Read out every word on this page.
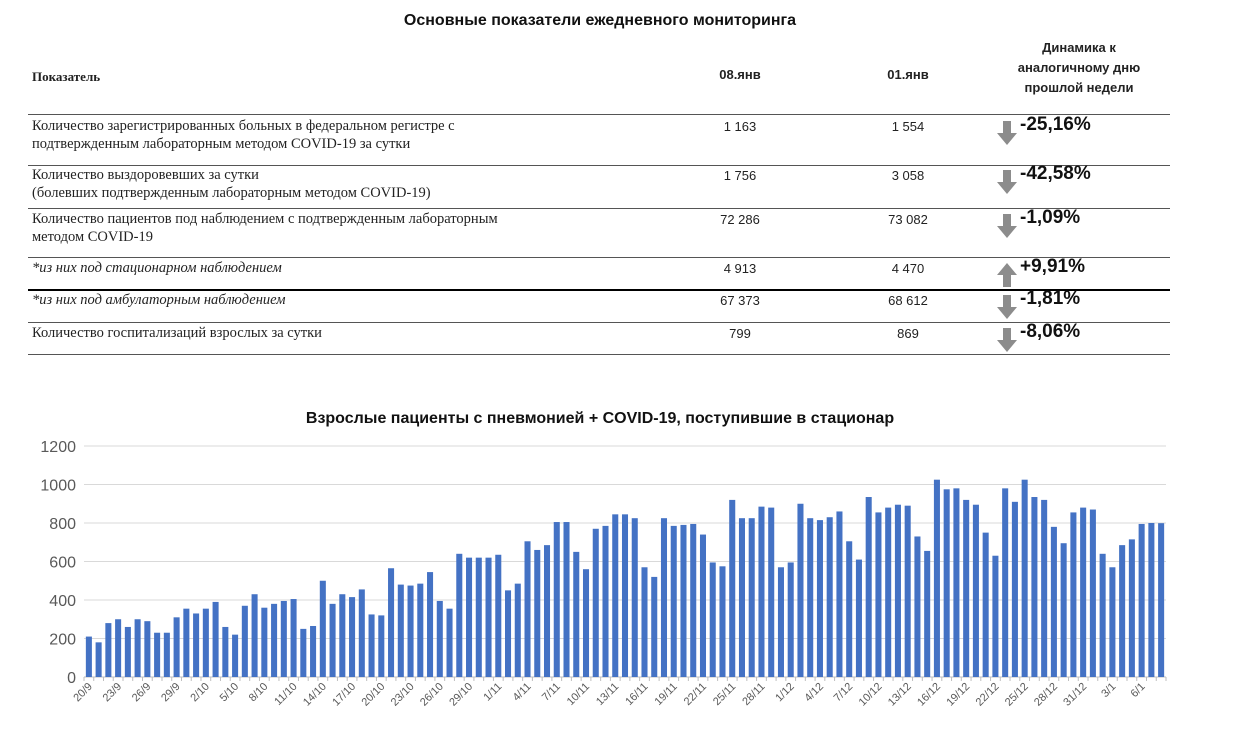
Основные показатели ежедневного мониторинга
Показатель	08.янв	01.янв
Динамика к
аналогичному дню
прошлой недели
Количество зарегистрированных больных в федеральном регистре с
подтвержденным лабораторным методом COVID-19 за сутки
1 163	1 554	-25,16%
Количество выздоровевших за сутки
(болевших подтвержденным лабораторным методом COVID-19)
1 756	3 058	-42,58%
Количество пациентов под наблюдением с подтвержденным лабораторным
методом COVID-19
72 286	73 082	-1,09%
*из них под стационарном наблюдением	4 913	4 470	+9,91%
*из них под амбулаторным наблюдением	67 373	68 612	-1,81%
Количество госпитализаций взрослых за сутки	799	869	-8,06%
Взрослые пациенты с пневмонией + COVID-19, поступившие в стационар
0
200
400
600
800
1000
1200
20/9 23/9 26/9 29/9 2/10 5/10 8/10 11/10 14/10 17/10 20/10 23/10 26/10 29/10 1/11 4/11 7/11 10/11 13/11 16/11 19/11 22/11 25/11 28/11 1/12 4/12 7/12 10/12 13/12 16/12 19/12 22/12 25/12 28/12 31/12 3/1 6/1
